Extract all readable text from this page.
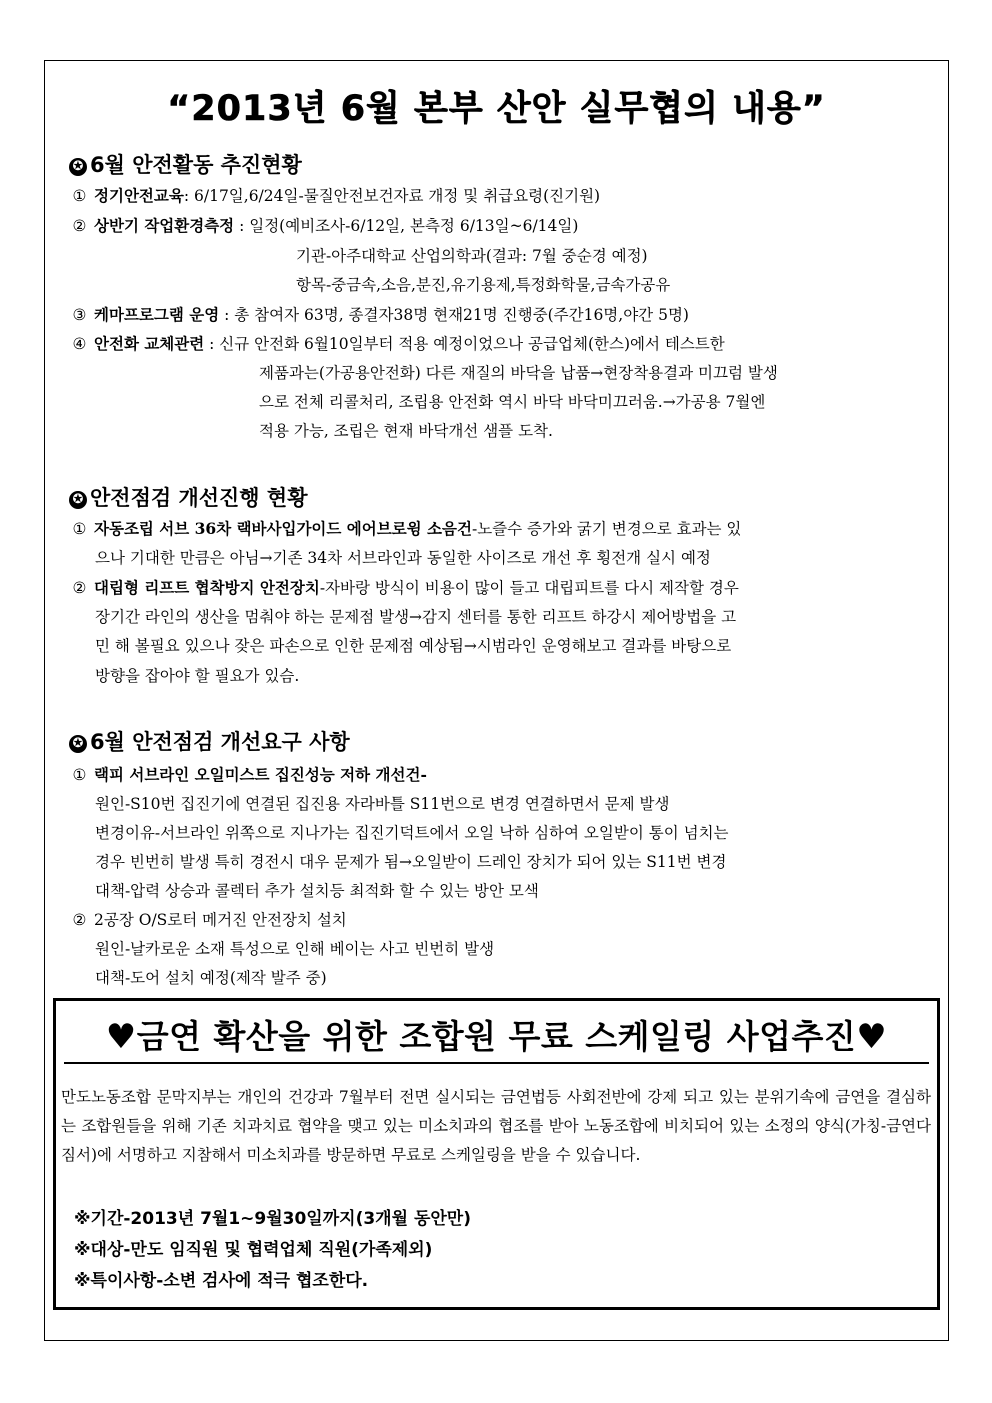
“2013년 6월 본부 산안 실무협의 내용”
✪ 6월 안전활동 추진현황
① 정기안전교육: 6/17일,6/24일-물질안전보건자료 개정 및 취급요령(진기원)
② 상반기 작업환경측정 : 일정(예비조사-6/12일, 본측정 6/13일~6/14일)
기관-아주대학교 산업의학과(결과: 7월 중순경 예정)
항목-중금속,소음,분진,유기용제,특정화학물,금속가공유
③ 케마프로그램 운영 : 총 참여자 63명, 종결자38명 현재21명 진행중(주간16명,야간 5명)
④ 안전화 교체관련 : 신규 안전화 6월10일부터 적용 예정이었으나 공급업체(한스)에서 테스트한
제품과는(가공용안전화) 다른 재질의 바닥을 납품→현장착용결과 미끄럼 발생
으로 전체 리콜처리, 조립용 안전화 역시 바닥 바닥미끄러움.→가공용 7월엔
적용 가능, 조립은 현재 바닥개선 샘플 도착.
✪ 안전점검 개선진행 현황
① 자동조립 서브 36차 랙바사입가이드 에어브로윙 소음건-노즐수 증가와 굵기 변경으로 효과는 있
으나 기대한 만큼은 아님→기존 34차 서브라인과 동일한 사이즈로 개선 후 횡전개 실시 예정
② 대립형 리프트 협착방지 안전장치-자바랑 방식이 비용이 많이 들고 대립피트를 다시 제작할 경우
장기간 라인의 생산을 멈춰야 하는 문제점 발생→감지 센터를 통한 리프트 하강시 제어방법을 고
민 해 볼필요 있으나 잦은 파손으로 인한 문제점 예상됨→시범라인 운영해보고 결과를 바탕으로
방향을 잡아야 할 필요가 있슴.
✪ 6월 안전점검 개선요구 사항
① 랙피 서브라인 오일미스트 집진성능 저하 개선건-
원인-S10번 집진기에 연결된 집진용 자라바틀 S11번으로 변경 연결하면서 문제 발생
변경이유-서브라인 위쪽으로 지나가는 집진기덕트에서 오일 낙하 심하여 오일받이 통이 넘치는
경우 빈번히 발생 특히 경전시 대우 문제가 됨→오일받이 드레인 장치가 되어 있는 S11번 변경
대책-압력 상승과 콜렉터 추가 설치등 최적화 할 수 있는 방안 모색
② 2공장 O/S로터 메거진 안전장치 설치
원인-날카로운 소재 특성으로 인해 베이는 사고 빈번히 발생
대책-도어 설치 예정(제작 발주 중)
♥금연 확산을 위한 조합원 무료 스케일링 사업추진♥
만도노동조합 문막지부는 개인의 건강과 7월부터 전면 실시되는 금연법등 사회전반에 강제 되고 있는 분위기속에 금연을 결심하는 조합원들을 위해 기존 치과치료 협약을 맺고 있는 미소치과의 협조를 받아 노동조합에 비치되어 있는 소정의 양식(가칭-금연다짐서)에 서명하고 지참해서 미소치과를 방문하면 무료로 스케일링을 받을 수 있습니다.
※기간-2013년 7월1~9월30일까지(3개월 동안만)
※대상-만도 임직원 및 협력업체 직원(가족제외)
※특이사항-소변 검사에 적극 협조한다.
